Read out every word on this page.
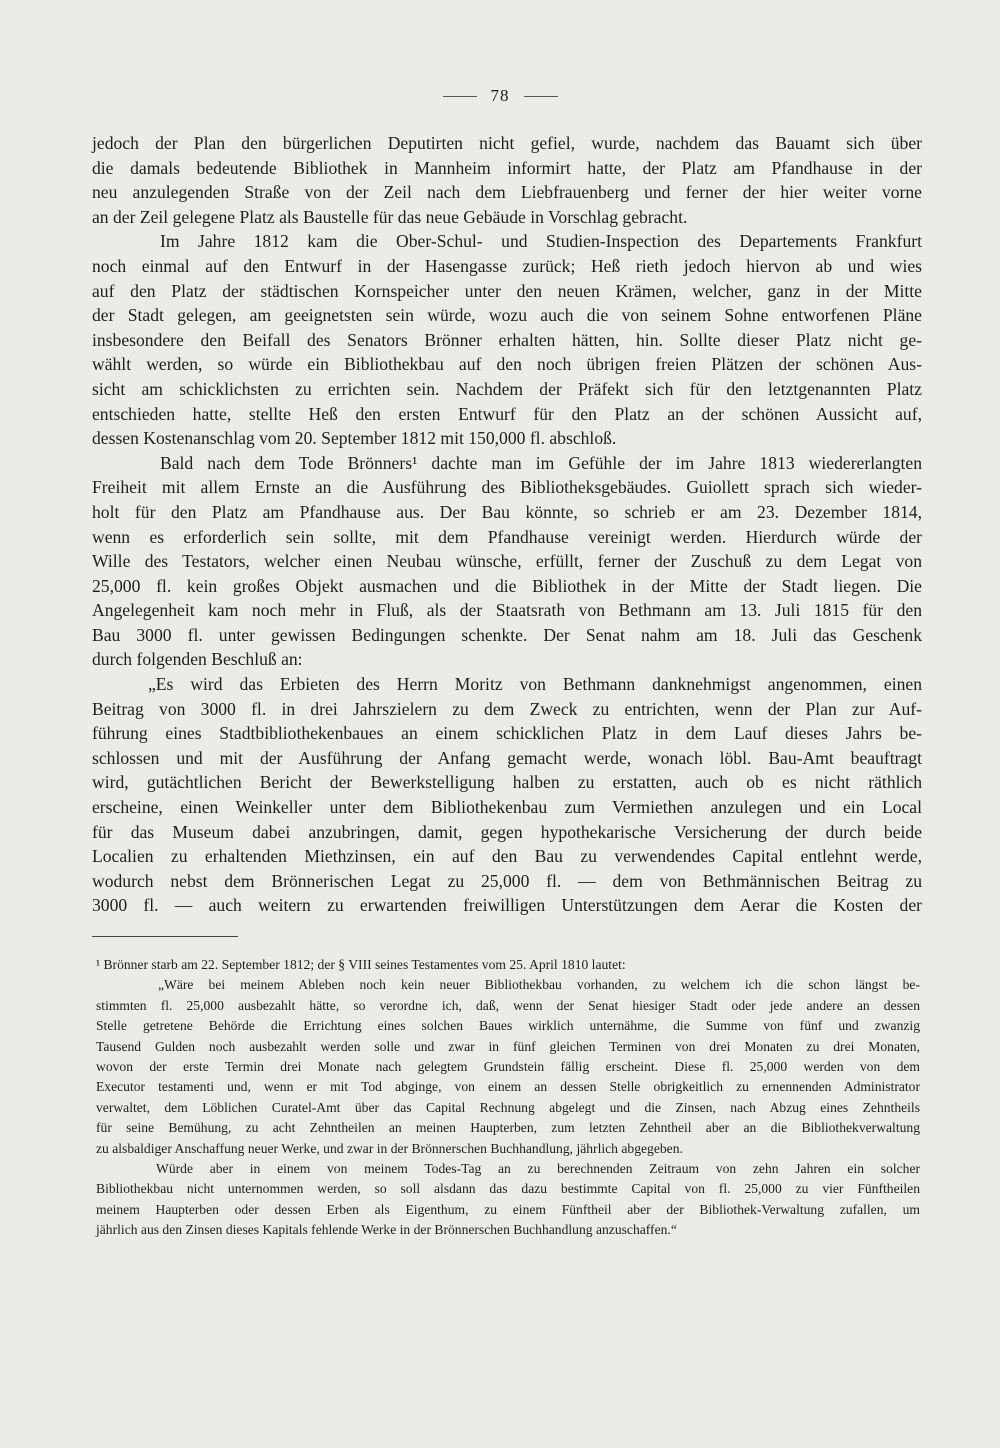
78
jedoch der Plan den bürgerlichen Deputirten nicht gefiel, wurde, nachdem das Bauamt sich über
die damals bedeutende Bibliothek in Mannheim informirt hatte, der Platz am Pfandhause in der
neu anzulegenden Straße von der Zeil nach dem Liebfrauenberg und ferner der hier weiter vorne
an der Zeil gelegene Platz als Baustelle für das neue Gebäude in Vorschlag gebracht.
Im Jahre 1812 kam die Ober-Schul- und Studien-Inspection des Departements Frankfurt
noch einmal auf den Entwurf in der Hasengasse zurück; Heß rieth jedoch hiervon ab und wies
auf den Platz der städtischen Kornspeicher unter den neuen Krämen, welcher, ganz in der Mitte
der Stadt gelegen, am geeignetsten sein würde, wozu auch die von seinem Sohne entworfenen Pläne
insbesondere den Beifall des Senators Brönner erhalten hätten, hin. Sollte dieser Platz nicht ge-
wählt werden, so würde ein Bibliothekbau auf den noch übrigen freien Plätzen der schönen Aus-
sicht am schicklichsten zu errichten sein. Nachdem der Präfekt sich für den letztgenannten Platz
entschieden hatte, stellte Heß den ersten Entwurf für den Platz an der schönen Aussicht auf,
dessen Kostenanschlag vom 20. September 1812 mit 150,000 fl. abschloß.
Bald nach dem Tode Brönners¹ dachte man im Gefühle der im Jahre 1813 wiedererlangten
Freiheit mit allem Ernste an die Ausführung des Bibliotheksgebäudes. Guiollett sprach sich wieder-
holt für den Platz am Pfandhause aus. Der Bau könnte, so schrieb er am 23. Dezember 1814,
wenn es erforderlich sein sollte, mit dem Pfandhause vereinigt werden. Hierdurch würde der
Wille des Testators, welcher einen Neubau wünsche, erfüllt, ferner der Zuschuß zu dem Legat von
25,000 fl. kein großes Objekt ausmachen und die Bibliothek in der Mitte der Stadt liegen. Die
Angelegenheit kam noch mehr in Fluß, als der Staatsrath von Bethmann am 13. Juli 1815 für den
Bau 3000 fl. unter gewissen Bedingungen schenkte. Der Senat nahm am 18. Juli das Geschenk
durch folgenden Beschluß an:
„Es wird das Erbieten des Herrn Moritz von Bethmann danknehmigst angenommen, einen
Beitrag von 3000 fl. in drei Jahrszielern zu dem Zweck zu entrichten, wenn der Plan zur Auf-
führung eines Stadtbibliothekenbaues an einem schicklichen Platz in dem Lauf dieses Jahrs be-
schlossen und mit der Ausführung der Anfang gemacht werde, wonach löbl. Bau-Amt beauftragt
wird, gutächtlichen Bericht der Bewerkstelligung halben zu erstatten, auch ob es nicht räthlich
erscheine, einen Weinkeller unter dem Bibliothekenbau zum Vermiethen anzulegen und ein Local
für das Museum dabei anzubringen, damit, gegen hypothekarische Versicherung der durch beide
Localien zu erhaltenden Miethzinsen, ein auf den Bau zu verwendendes Capital entlehnt werde,
wodurch nebst dem Brönnerischen Legat zu 25,000 fl. — dem von Bethmännischen Beitrag zu
3000 fl. — auch weitern zu erwartenden freiwilligen Unterstützungen dem Aerar die Kosten der
¹ Brönner starb am 22. September 1812; der § VIII seines Testamentes vom 25. April 1810 lautet:
„Wäre bei meinem Ableben noch kein neuer Bibliothekbau vorhanden, zu welchem ich die schon längst be-
stimmten fl. 25,000 ausbezahlt hätte, so verordne ich, daß, wenn der Senat hiesiger Stadt oder jede andere an dessen
Stelle getretene Behörde die Errichtung eines solchen Baues wirklich unternähme, die Summe von fünf und zwanzig
Tausend Gulden noch ausbezahlt werden solle und zwar in fünf gleichen Terminen von drei Monaten zu drei Monaten,
wovon der erste Termin drei Monate nach gelegtem Grundstein fällig erscheint. Diese fl. 25,000 werden von dem
Executor testamenti und, wenn er mit Tod abginge, von einem an dessen Stelle obrigkeitlich zu ernennenden Administrator
verwaltet, dem Löblichen Curatel-Amt über das Capital Rechnung abgelegt und die Zinsen, nach Abzug eines Zehntheils
für seine Bemühung, zu acht Zehntheilen an meinen Haupterben, zum letzten Zehntheil aber an die Bibliothekverwaltung
zu alsbaldiger Anschaffung neuer Werke, und zwar in der Brönnerschen Buchhandlung, jährlich abgegeben.
Würde aber in einem von meinem Todes-Tag an zu berechnenden Zeitraum von zehn Jahren ein solcher
Bibliothekbau nicht unternommen werden, so soll alsdann das dazu bestimmte Capital von fl. 25,000 zu vier Fünftheilen
meinem Haupterben oder dessen Erben als Eigenthum, zu einem Fünftheil aber der Bibliothek-Verwaltung zufallen, um
jährlich aus den Zinsen dieses Kapitals fehlende Werke in der Brönnerschen Buchhandlung anzuschaffen.“
